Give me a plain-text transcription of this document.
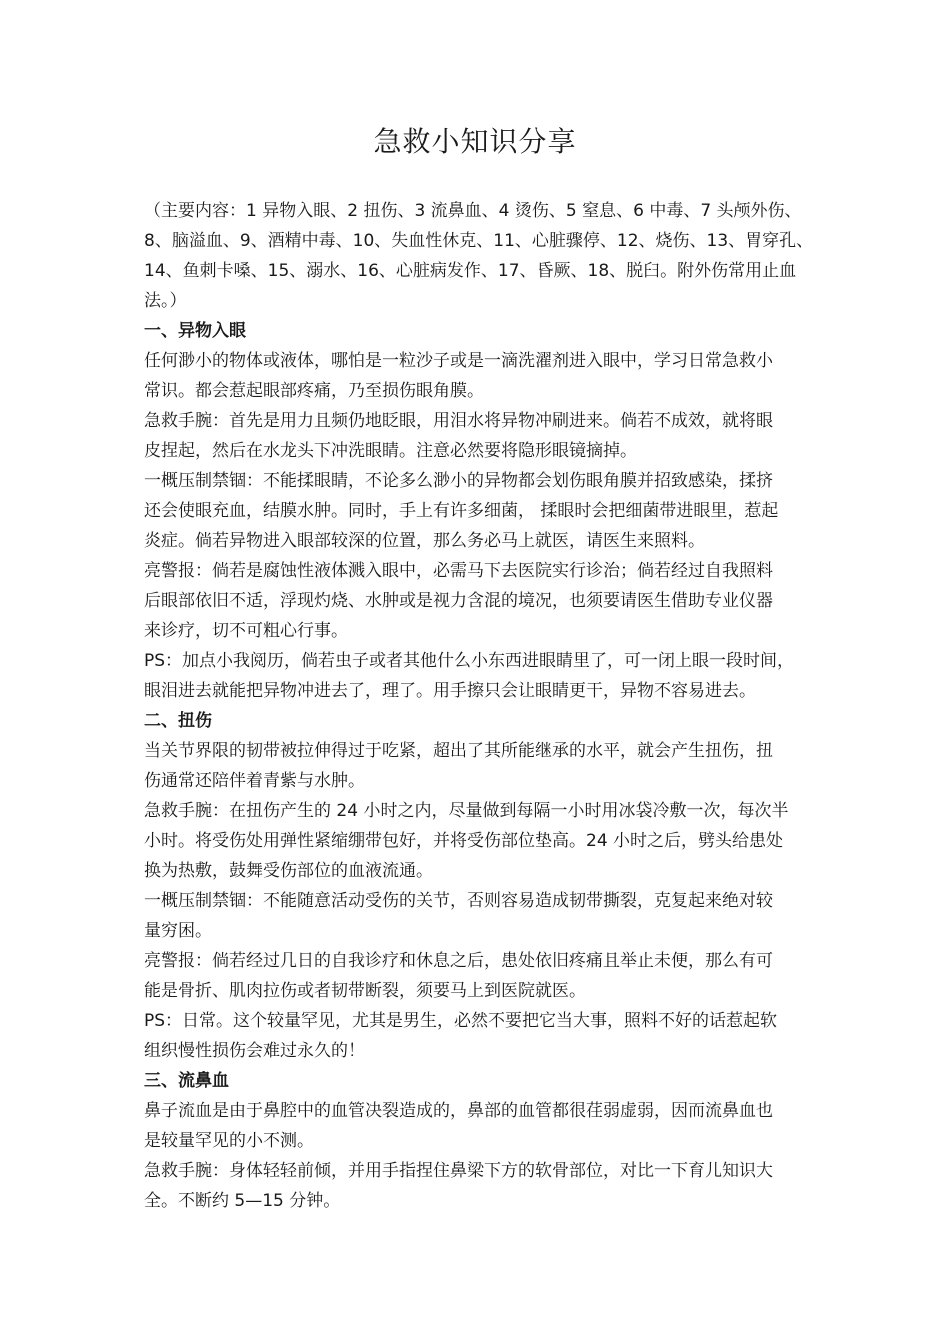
急救小知识分享

（主要内容：1 异物入眼、2 扭伤、3 流鼻血、4 烫伤、5 窒息、6 中毒、7 头颅外伤、

8、脑溢血、9、酒精中毒、10、失血性休克、11、心脏骤停、12、烧伤、13、胃穿孔、

14、鱼刺卡嗓、15、溺水、16、心脏病发作、17、昏厥、18、脱臼。附外伤常用止血

法。）

一、异物入眼

任何渺小的物体或液体，哪怕是一粒沙子或是一滴洗濯剂进入眼中，学习日常急救小

常识。都会惹起眼部疼痛，乃至损伤眼角膜。

急救手腕：首先是用力且频仍地眨眼，用泪水将异物冲刷进来。倘若不成效，就将眼

皮捏起，然后在水龙头下冲洗眼睛。注意必然要将隐形眼镜摘掉。

一概压制禁锢：不能揉眼睛，不论多么渺小的异物都会划伤眼角膜并招致感染，揉挤

还会使眼充血，结膜水肿。同时，手上有许多细菌， 揉眼时会把细菌带进眼里，惹起

炎症。倘若异物进入眼部较深的位置，那么务必马上就医，请医生来照料。

亮警报：倘若是腐蚀性液体溅入眼中，必需马下去医院实行诊治；倘若经过自我照料

后眼部依旧不适，浮现灼烧、水肿或是视力含混的境况，也须要请医生借助专业仪器

来诊疗，切不可粗心行事。

PS：加点小我阅历，倘若虫子或者其他什么小东西进眼睛里了，可一闭上眼一段时间，

眼泪进去就能把异物冲进去了，理了。用手擦只会让眼睛更干，异物不容易进去。

二、扭伤

当关节界限的韧带被拉伸得过于吃紧，超出了其所能继承的水平，就会产生扭伤，扭

伤通常还陪伴着青紫与水肿。

急救手腕：在扭伤产生的 24 小时之内，尽量做到每隔一小时用冰袋冷敷一次，每次半

小时。将受伤处用弹性紧缩绷带包好，并将受伤部位垫高。24 小时之后，劈头给患处

换为热敷，鼓舞受伤部位的血液流通。

一概压制禁锢：不能随意活动受伤的关节，否则容易造成韧带撕裂，克复起来绝对较

量穷困。

亮警报：倘若经过几日的自我诊疗和休息之后，患处依旧疼痛且举止未便，那么有可

能是骨折、肌肉拉伤或者韧带断裂，须要马上到医院就医。

PS：日常。这个较量罕见，尤其是男生，必然不要把它当大事，照料不好的话惹起软

组织慢性损伤会难过永久的！

三、流鼻血

鼻子流血是由于鼻腔中的血管决裂造成的，鼻部的血管都很荏弱虚弱，因而流鼻血也

是较量罕见的小不测。

急救手腕：身体轻轻前倾，并用手指捏住鼻梁下方的软骨部位，对比一下育儿知识大

全。不断约 5—15 分钟。
